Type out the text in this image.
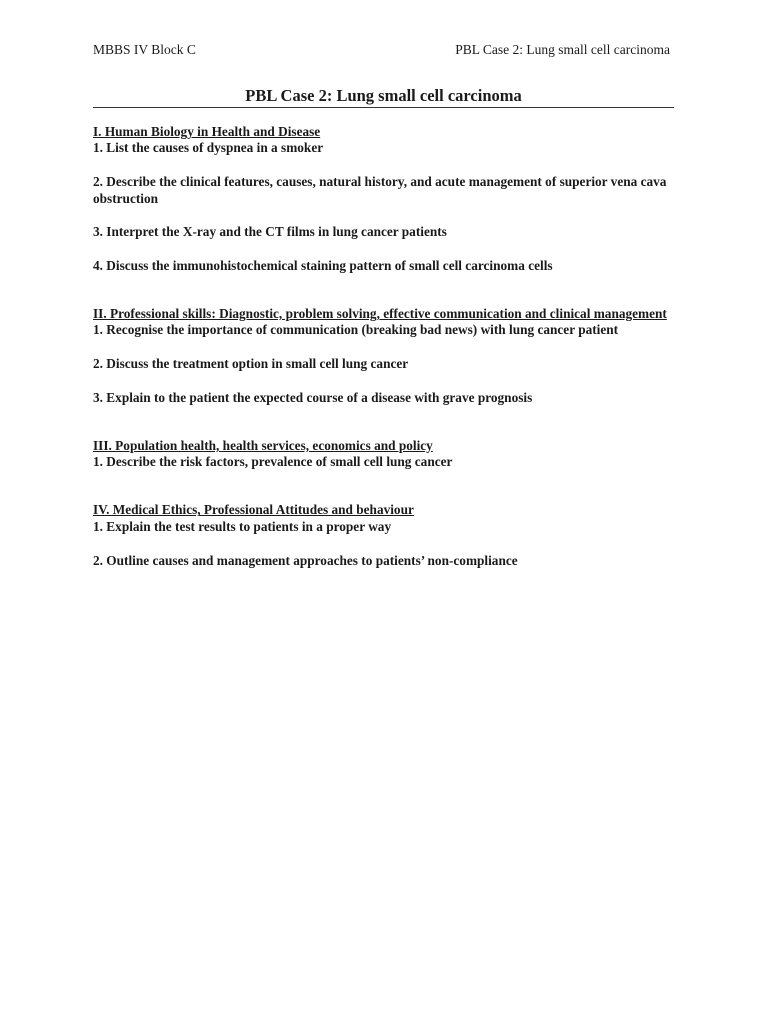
MBBS IV Block C	PBL Case 2: Lung small cell carcinoma
PBL Case 2: Lung small cell carcinoma
I. Human Biology in Health and Disease

1. List the causes of dyspnea in a smoker

2. Describe the clinical features, causes, natural history, and acute management of superior vena cava obstruction

3. Interpret the X-ray and the CT films in lung cancer patients

4. Discuss the immunohistochemical staining pattern of small cell carcinoma cells

II. Professional skills: Diagnostic, problem solving, effective communication and clinical management

1. Recognise the importance of communication (breaking bad news) with lung cancer patient

2. Discuss the treatment option in small cell lung cancer

3. Explain to the patient the expected course of a disease with grave prognosis

III. Population health, health services, economics and policy

1. Describe the risk factors, prevalence of small cell lung cancer

IV. Medical Ethics, Professional Attitudes and behaviour

1. Explain the test results to patients in a proper way

2. Outline causes and management approaches to patients’ non-compliance
